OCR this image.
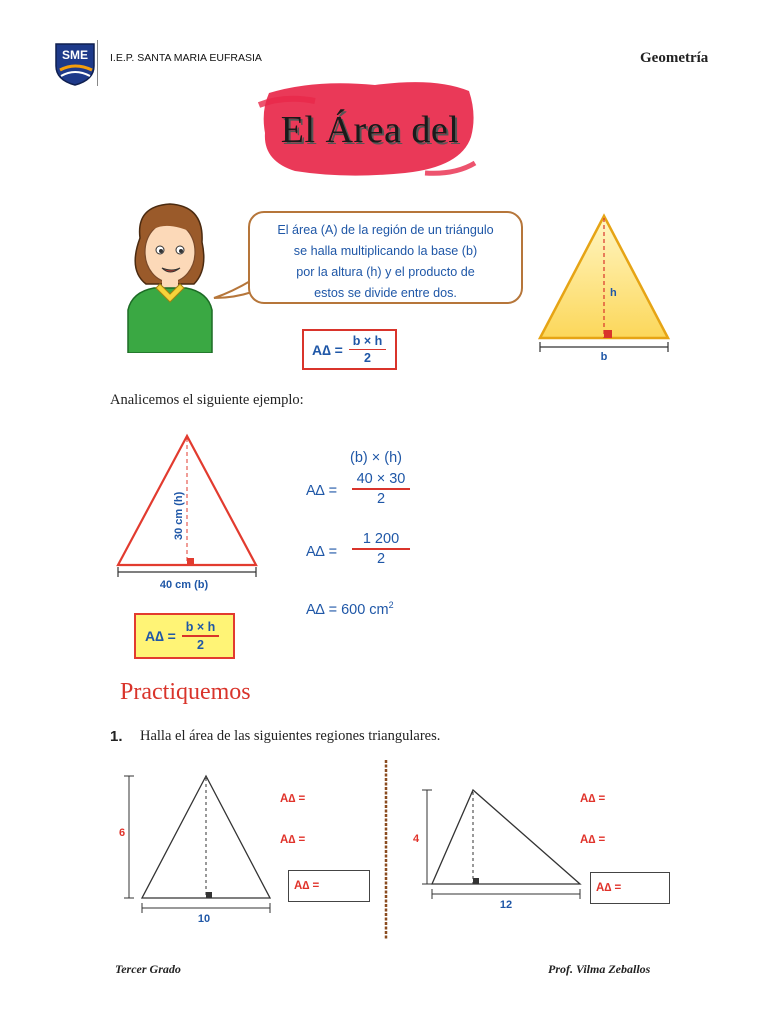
SME I.E.P. SANTA MARIA EUFRASIA	Geometría
El Área del
El área (A) de la región de un triángulo
se halla multiplicando la base (b)
por la altura (h) y el producto de
estos se divide entre dos.
$A\Delta = \frac{b \times h}{2}$
h
b
Analicemos el siguiente ejemplo:
30 cm (h)
40 cm (b)
$A\Delta = \frac{b \times h}{2}$
(b) × (h)
A∆ =
40 × 30
2
A∆ =
1 200
2
A∆ = 600 $cm^2$
Practiquemos
1. Halla el área de las siguientes regiones triangulares.
6
10
A∆ =
A∆ =
A∆ =
4
12
A∆ =
A∆ =
A∆ =
Tercer Grado	Prof. Vilma Zeballos
